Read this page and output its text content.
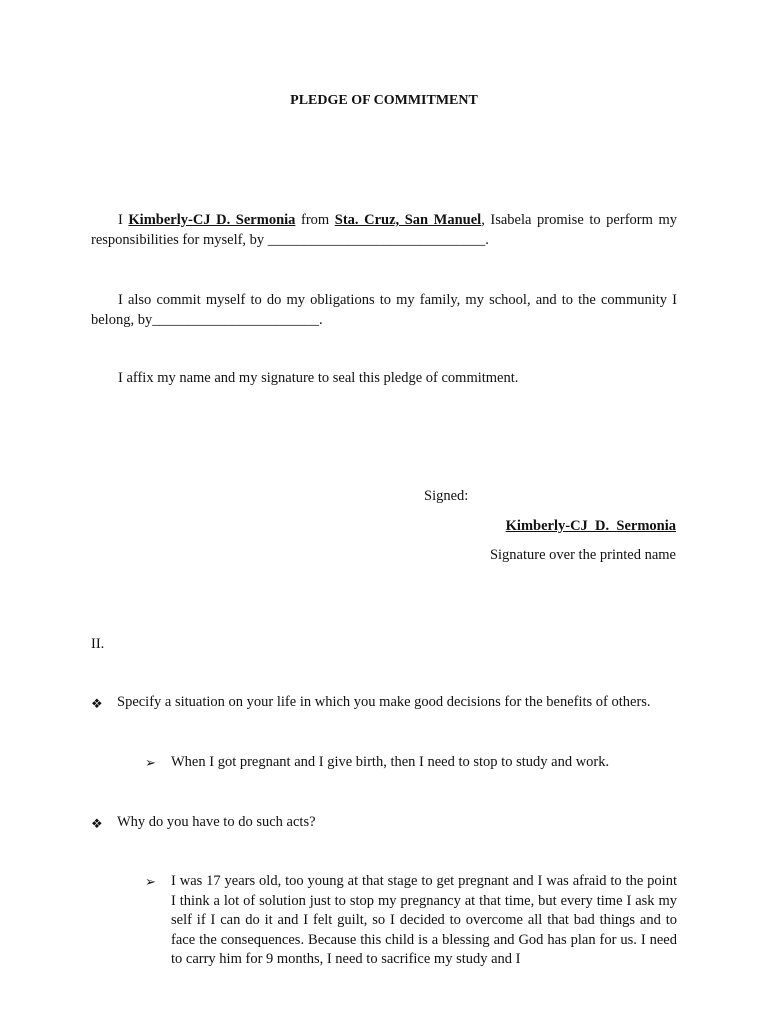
PLEDGE OF COMMITMENT
I Kimberly-CJ D. Sermonia from Sta. Cruz, San Manuel, Isabela promise to perform my responsibilities for myself, by ______________________________.
I also commit myself to do my obligations to my family, my school, and to the community I belong, by_______________________.
I affix my name and my signature to seal this pledge of commitment.
Signed:
Kimberly-CJ  D.  Sermonia
Signature over the printed name
II.
❖ Specify a situation on your life in which you make good decisions for the benefits of others.
➢	When I got pregnant and I give birth, then I need to stop to study and work.
❖ Why do you have to do such acts?
➢	I was 17 years old, too young at that stage to get pregnant and I was afraid to the point I think a lot of solution just to stop my pregnancy at that time, but every time I ask my self if I can do it and I felt guilt, so I decided to overcome all that bad things and to face the consequences. Because this child is a blessing and God has plan for us. I need to carry him for 9 months, I need to sacrifice my study and I
